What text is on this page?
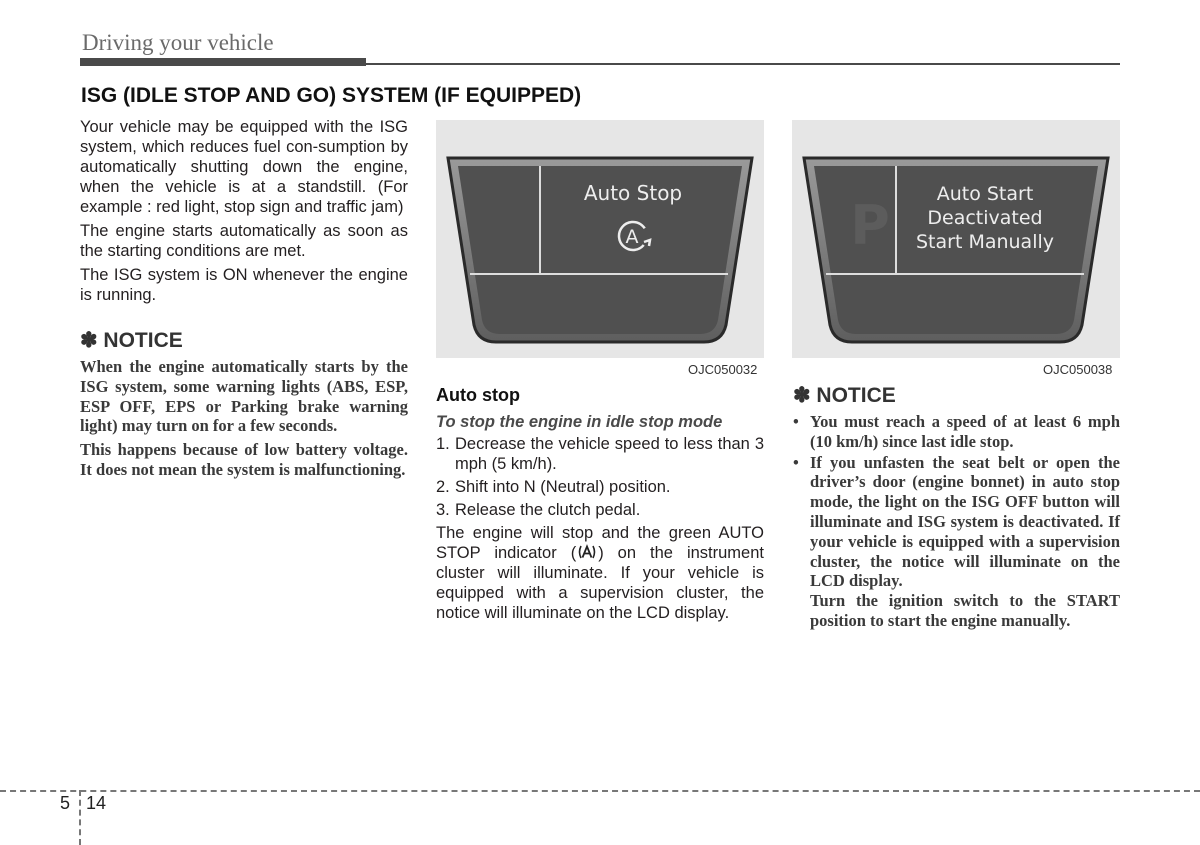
Driving your vehicle
ISG (IDLE STOP AND GO) SYSTEM (IF EQUIPPED)

Your vehicle may be equipped with the ISG system, which reduces fuel con-sumption by automatically shutting down the engine, when the vehicle is at a standstill. (For example : red light, stop sign and traffic jam)

The engine starts automatically as soon as the starting conditions are met.

The ISG system is ON whenever the engine is running.

✽ NOTICE

When the engine automatically starts by the ISG system, some warning lights (ABS, ESP, ESP OFF, EPS or Parking brake warning light) may turn on for a few seconds.

This happens because of low battery voltage. It does not mean the system is malfunctioning.

Auto Stop
A
OJC050032
P Auto Start
Deactivated
Start Manually
OJC050038
Auto stop
To stop the engine in idle stop mode
1. Decrease the vehicle speed to less than 3 mph (5 km/h).
2. Shift into N (Neutral) position.
3. Release the clutch pedal.

The engine will stop and the green AUTO STOP indicator ( ) on the instrument cluster will illuminate. If your vehicle is equipped with a supervision cluster, the notice will illuminate on the LCD display.

✽ NOTICE
• You must reach a speed of at least 6 mph (10 km/h) since last idle stop.
• If you unfasten the seat belt or open the driver’s door (engine bonnet) in auto stop mode, the light on the ISG OFF button will illuminate and ISG system is deactivated. If your vehicle is equipped with a supervision cluster, the notice will illuminate on the LCD display.
Turn the ignition switch to the START position to start the engine manually.
5 14
